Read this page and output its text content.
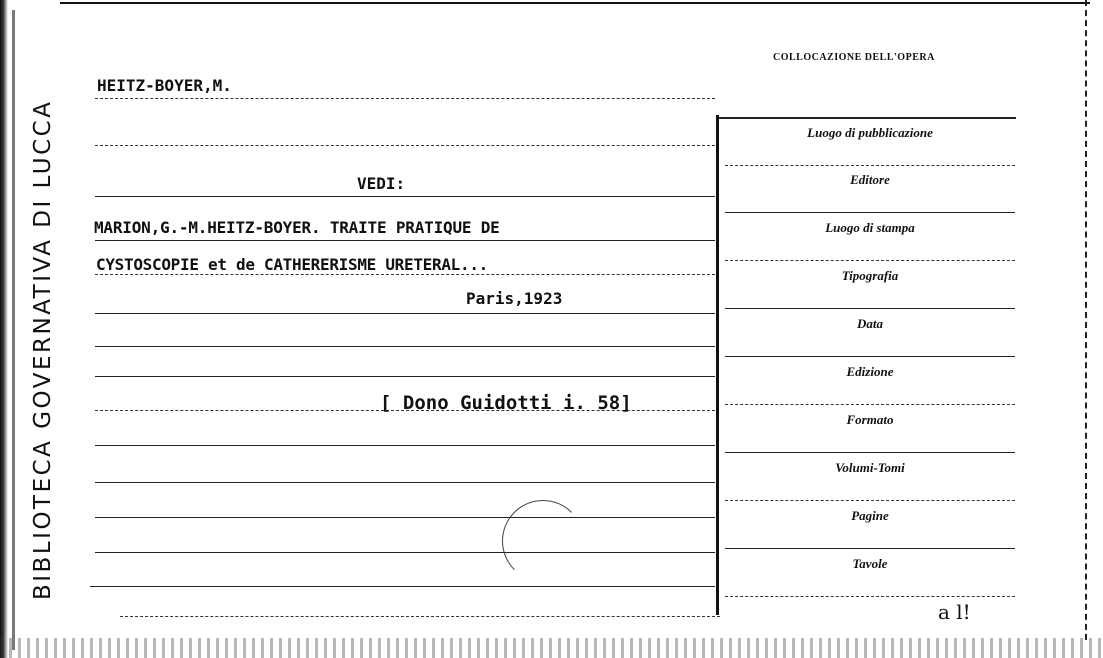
BIBLIOTECA GOVERNATIVA DI LUCCA
COLLOCAZIONE DELL'OPERA
HEITZ-BOYER,M.
VEDI:
MARION,G.-M.HEITZ-BOYER. TRAITE PRATIQUE DE
CYSTOSCOPIE et de CATHERERISME URETERAL...
Paris,1923
[ Dono Guidotti i. 58]
Luogo di pubblicazione
Editore
Luogo di stampa
Tipografia
Data
Edizione
Formato
Volumi-Tomi
Pagine
Tavole
a l!
